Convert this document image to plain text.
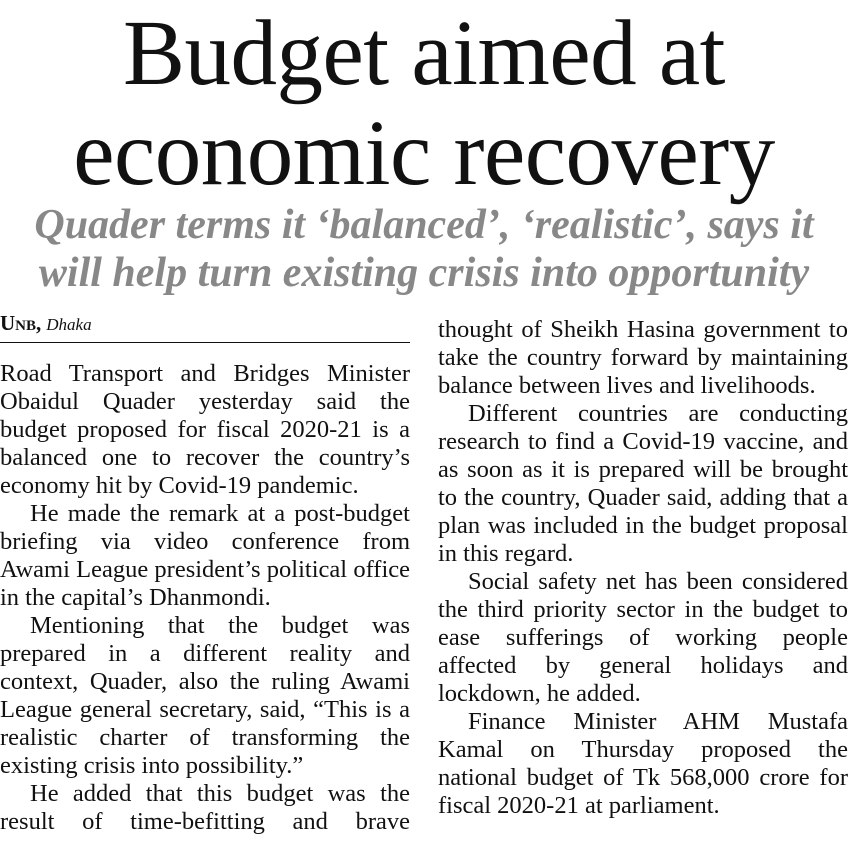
Budget aimed at
economic recovery
Quader terms it ‘balanced’, ‘realistic’, says it
will help turn existing crisis into opportunity
Unb, Dhaka

Road Transport and Bridges Minister Obaidul Quader yesterday said the budget proposed for fiscal 2020-21 is a balanced one to recover the country’s economy hit by Covid-19 pandemic.

He made the remark at a post-budget briefing via video conference from Awami League president’s political office in the capital’s Dhanmondi.

Mentioning that the budget was prepared in a different reality and context, Quader, also the ruling Awami League general secretary, said, “This is a realistic charter of transforming the existing crisis into possibility.”

He added that this budget was the result of time-befitting and brave

thought of Sheikh Hasina government to take the country forward by maintaining balance between lives and livelihoods.

Different countries are conducting research to find a Covid-19 vaccine, and as soon as it is prepared will be brought to the country, Quader said, adding that a plan was included in the budget proposal in this regard.

Social safety net has been considered the third priority sector in the budget to ease sufferings of working people affected by general holidays and lockdown, he added.

Finance Minister AHM Mustafa Kamal on Thursday proposed the national budget of Tk 568,000 crore for fiscal 2020-21 at parliament.
